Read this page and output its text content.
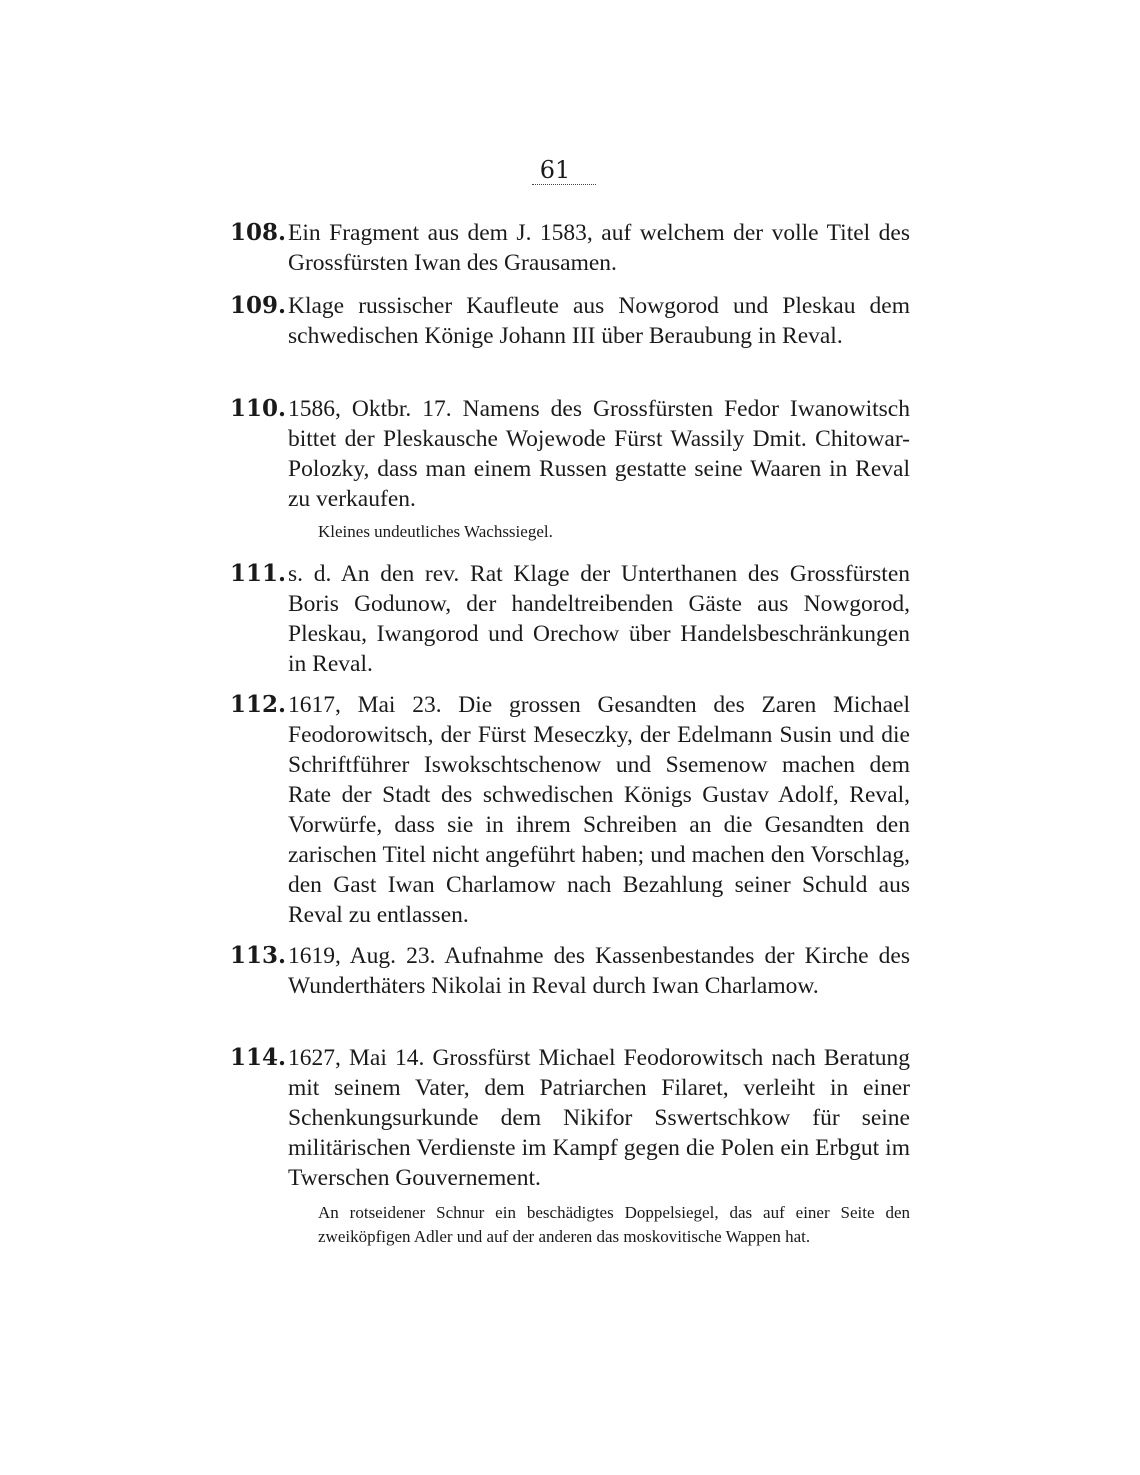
61
108. Ein Fragment aus dem J. 1583, auf welchem der volle Titel des Grossfürsten Iwan des Grausamen.
109. Klage russischer Kaufleute aus Nowgorod und Pleskau dem schwedischen Könige Johann III über Beraubung in Reval.
110. 1586, Oktbr. 17. Namens des Grossfürsten Fedor Iwanowitsch bittet der Pleskausche Wojewode Fürst Wassily Dmit. Chitowar-Polozky, dass man einem Russen gestatte seine Waaren in Reval zu verkaufen.
Kleines undeutliches Wachssiegel.
111. s. d. An den rev. Rat Klage der Unterthanen des Grossfürsten Boris Godunow, der handeltreibenden Gäste aus Nowgorod, Pleskau, Iwangorod und Orechow über Handelsbeschränkungen in Reval.
112. 1617, Mai 23. Die grossen Gesandten des Zaren Michael Feodorowitsch, der Fürst Meseczky, der Edelmann Susin und die Schriftführer Iswokschtschenow und Ssemenow machen dem Rate der Stadt des schwedischen Königs Gustav Adolf, Reval, Vorwürfe, dass sie in ihrem Schreiben an die Gesandten den zarischen Titel nicht angeführt haben; und machen den Vorschlag, den Gast Iwan Charlamow nach Bezahlung seiner Schuld aus Reval zu entlassen.
113. 1619, Aug. 23. Aufnahme des Kassenbestandes der Kirche des Wunderthäters Nikolai in Reval durch Iwan Charlamow.
114. 1627, Mai 14. Grossfürst Michael Feodorowitsch nach Beratung mit seinem Vater, dem Patriarchen Filaret, verleiht in einer Schenkungsurkunde dem Nikifor Sswertschkow für seine militärischen Verdienste im Kampf gegen die Polen ein Erbgut im Twerschen Gouvernement.
An rotseidener Schnur ein beschädigtes Doppelsiegel, das auf einer Seite den zweiköpfigen Adler und auf der anderen das moskovitische Wappen hat.
